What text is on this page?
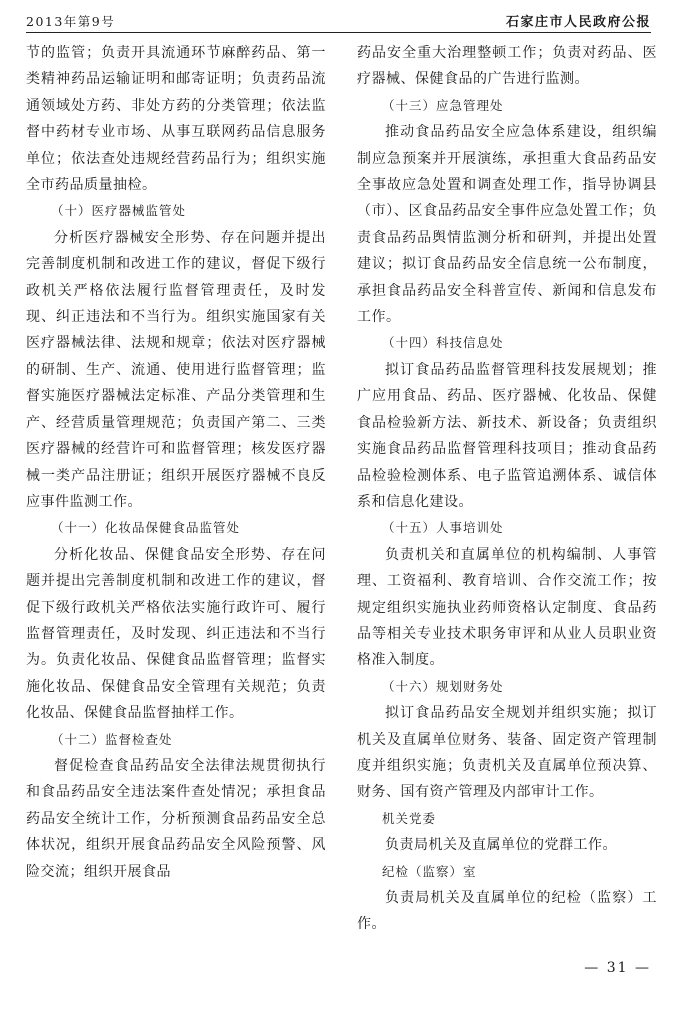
2013年第9号	石家庄市人民政府公报

节的监管；负责开具流通环节麻醉药品、第一类精神药品运输证明和邮寄证明；负责药品流通领域处方药、非处方药的分类管理；依法监督中药材专业市场、从事互联网药品信息服务单位；依法查处违规经营药品行为；组织实施全市药品质量抽检。

（十）医疗器械监管处

分析医疗器械安全形势、存在问题并提出完善制度机制和改进工作的建议，督促下级行政机关严格依法履行监督管理责任，及时发现、纠正违法和不当行为。组织实施国家有关医疗器械法律、法规和规章；依法对医疗器械的研制、生产、流通、使用进行监督管理；监督实施医疗器械法定标准、产品分类管理和生产、经营质量管理规范；负责国产第二、三类医疗器械的经营许可和监督管理；核发医疗器械一类产品注册证；组织开展医疗器械不良反应事件监测工作。

（十一）化妆品保健食品监管处

分析化妆品、保健食品安全形势、存在问题并提出完善制度机制和改进工作的建议，督促下级行政机关严格依法实施行政许可、履行监督管理责任，及时发现、纠正违法和不当行为。负责化妆品、保健食品监督管理；监督实施化妆品、保健食品安全管理有关规范；负责化妆品、保健食品监督抽样工作。

（十二）监督检查处

督促检查食品药品安全法律法规贯彻执行和食品药品安全违法案件查处情况；承担食品药品安全统计工作，分析预测食品药品安全总体状况，组织开展食品药品安全风险预警、风险交流；组织开展食品

药品安全重大治理整顿工作；负责对药品、医疗器械、保健食品的广告进行监测。

（十三）应急管理处

推动食品药品安全应急体系建设，组织编制应急预案并开展演练，承担重大食品药品安全事故应急处置和调查处理工作，指导协调县（市）、区食品药品安全事件应急处置工作；负责食品药品舆情监测分析和研判，并提出处置建议；拟订食品药品安全信息统一公布制度，承担食品药品安全科普宣传、新闻和信息发布工作。

（十四）科技信息处

拟订食品药品监督管理科技发展规划；推广应用食品、药品、医疗器械、化妆品、保健食品检验新方法、新技术、新设备；负责组织实施食品药品监督管理科技项目；推动食品药品检验检测体系、电子监管追溯体系、诚信体系和信息化建设。

（十五）人事培训处

负责机关和直属单位的机构编制、人事管理、工资福利、教育培训、合作交流工作；按规定组织实施执业药师资格认定制度、食品药品等相关专业技术职务审评和从业人员职业资格准入制度。

（十六）规划财务处

拟订食品药品安全规划并组织实施；拟订机关及直属单位财务、装备、固定资产管理制度并组织实施；负责机关及直属单位预决算、财务、国有资产管理及内部审计工作。

机关党委

负责局机关及直属单位的党群工作。

纪检（监察）室

负责局机关及直属单位的纪检（监察）工作。

— 31 —
